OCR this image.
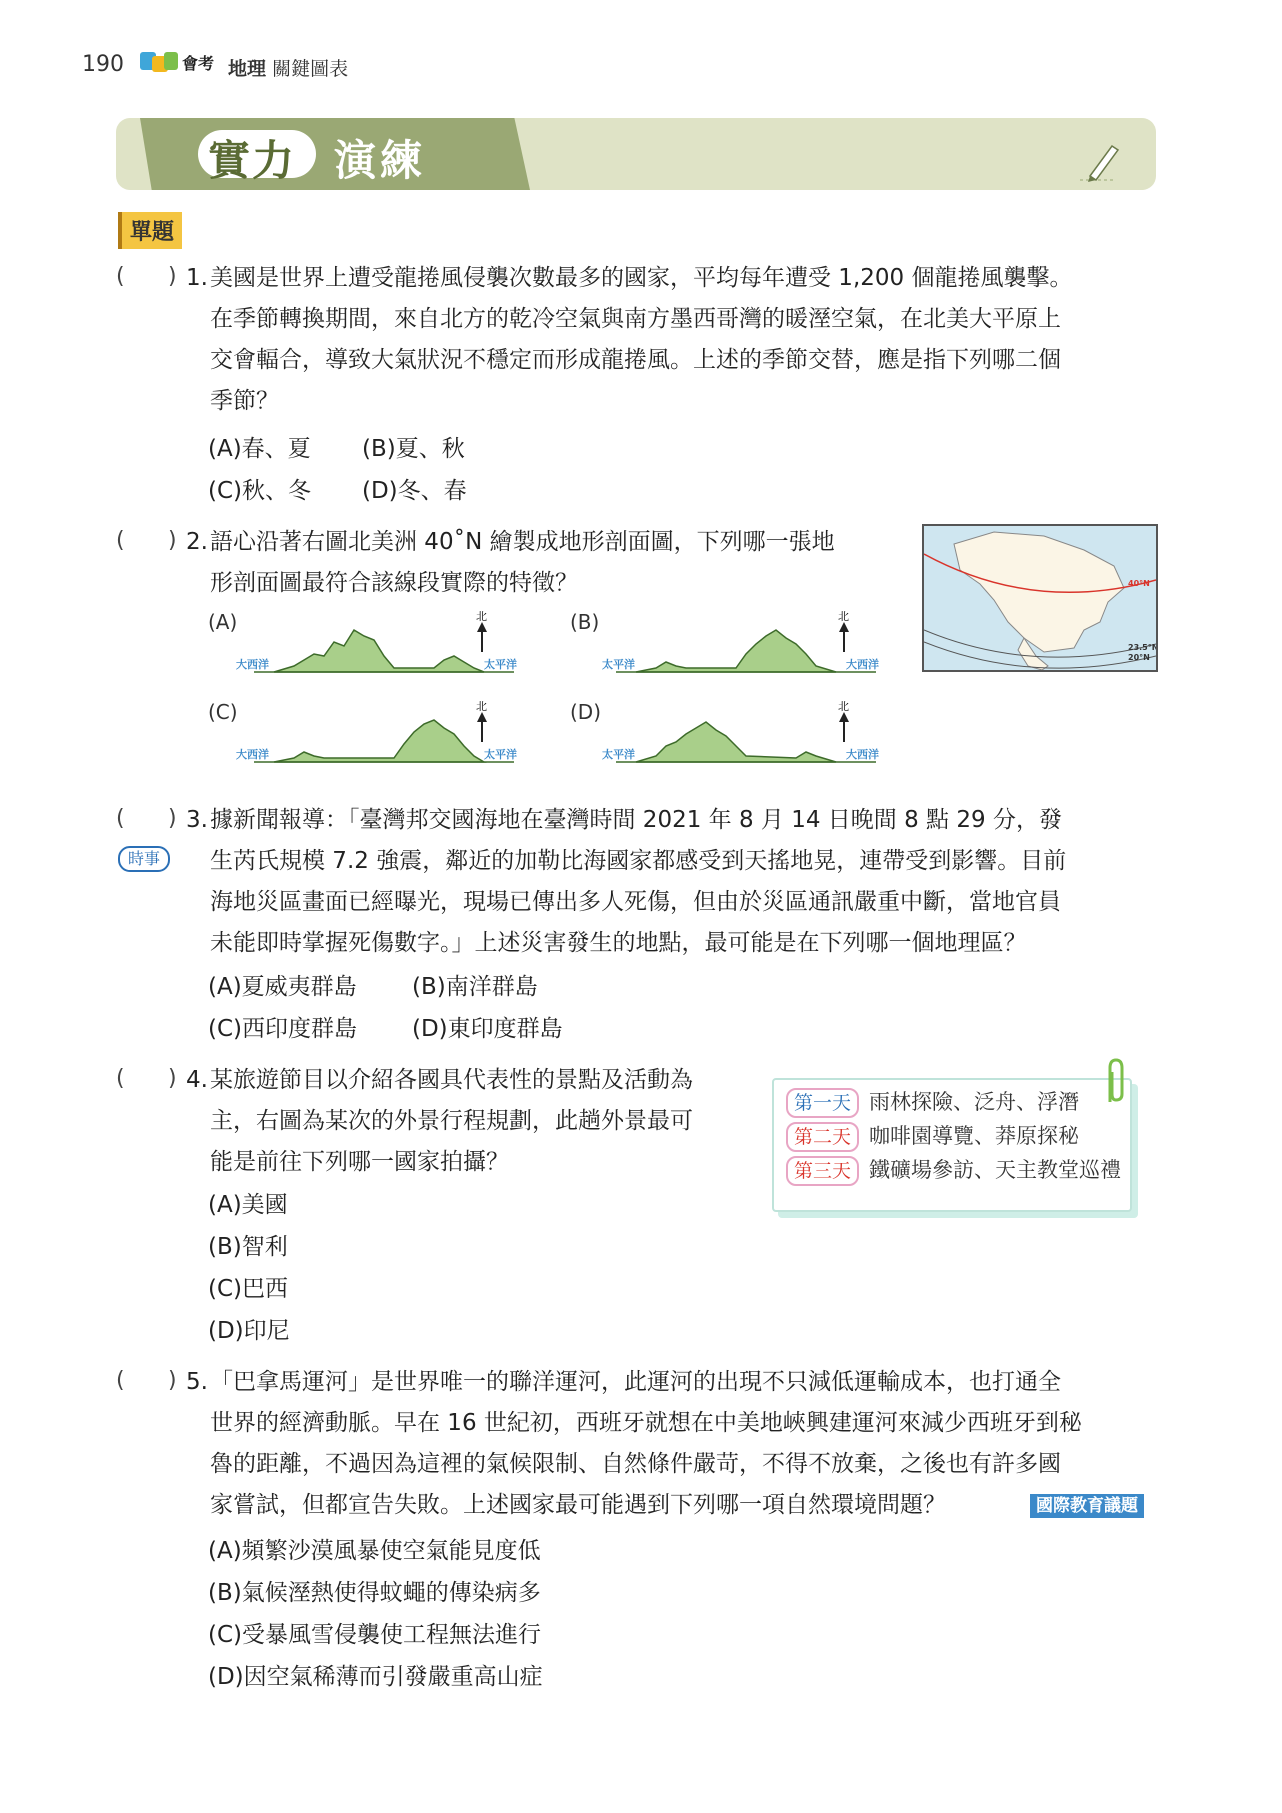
190	會考 地理 關鍵圖表
實力 演練
單題
( ) 1. 美國是世界上遭受龍捲風侵襲次數最多的國家，平均每年遭受 1,200 個龍捲風襲擊。
在季節轉換期間，來自北方的乾冷空氣與南方墨西哥灣的暖溼空氣，在北美大平原上
交會輻合，導致大氣狀況不穩定而形成龍捲風。上述的季節交替，應是指下列哪二個
季節？
(A)春、夏 (B)夏、秋
(C)秋、冬 (D)冬、春
( ) 2. 語心沿著右圖北美洲 40˚N 繪製成地形剖面圖，下列哪一張地
形剖面圖最符合該線段實際的特徵？	40°N
23.5°N
20°N
(A)	(B)
(C)	(D)
北
大西洋	太平洋
北
太平洋	大西洋
北
大西洋	太平洋
北
太平洋	大西洋
( )
時事
3. 據新聞報導：「臺灣邦交國海地在臺灣時間 2021 年 8 月 14 日晚間 8 點 29 分，發
生芮氏規模 7.2 強震，鄰近的加勒比海國家都感受到天搖地晃，連帶受到影響。目前
海地災區畫面已經曝光，現場已傳出多人死傷，但由於災區通訊嚴重中斷，當地官員
未能即時掌握死傷數字。」上述災害發生的地點，最可能是在下列哪一個地理區？
(A)夏威夷群島 (B)南洋群島
(C)西印度群島 (D)東印度群島
( ) 4. 某旅遊節目以介紹各國具代表性的景點及活動為
主，右圖為某次的外景行程規劃，此趟外景最可
能是前往下列哪一國家拍攝？
(A)美國
(B)智利
(C)巴西
(D)印尼
第一天 雨林探險、泛舟、浮潛
第二天 咖啡園導覽、莽原探秘
第三天 鐵礦場參訪、天主教堂巡禮
( ) 5. 「巴拿馬運河」是世界唯一的聯洋運河，此運河的出現不只減低運輸成本，也打通全
世界的經濟動脈。早在 16 世紀初，西班牙就想在中美地峽興建運河來減少西班牙到秘
魯的距離，不過因為這裡的氣候限制、自然條件嚴苛，不得不放棄，之後也有許多國
家嘗試，但都宣告失敗。上述國家最可能遇到下列哪一項自然環境問題？	國際教育議題
(A)頻繁沙漠風暴使空氣能見度低
(B)氣候溼熱使得蚊蠅的傳染病多
(C)受暴風雪侵襲使工程無法進行
(D)因空氣稀薄而引發嚴重高山症
